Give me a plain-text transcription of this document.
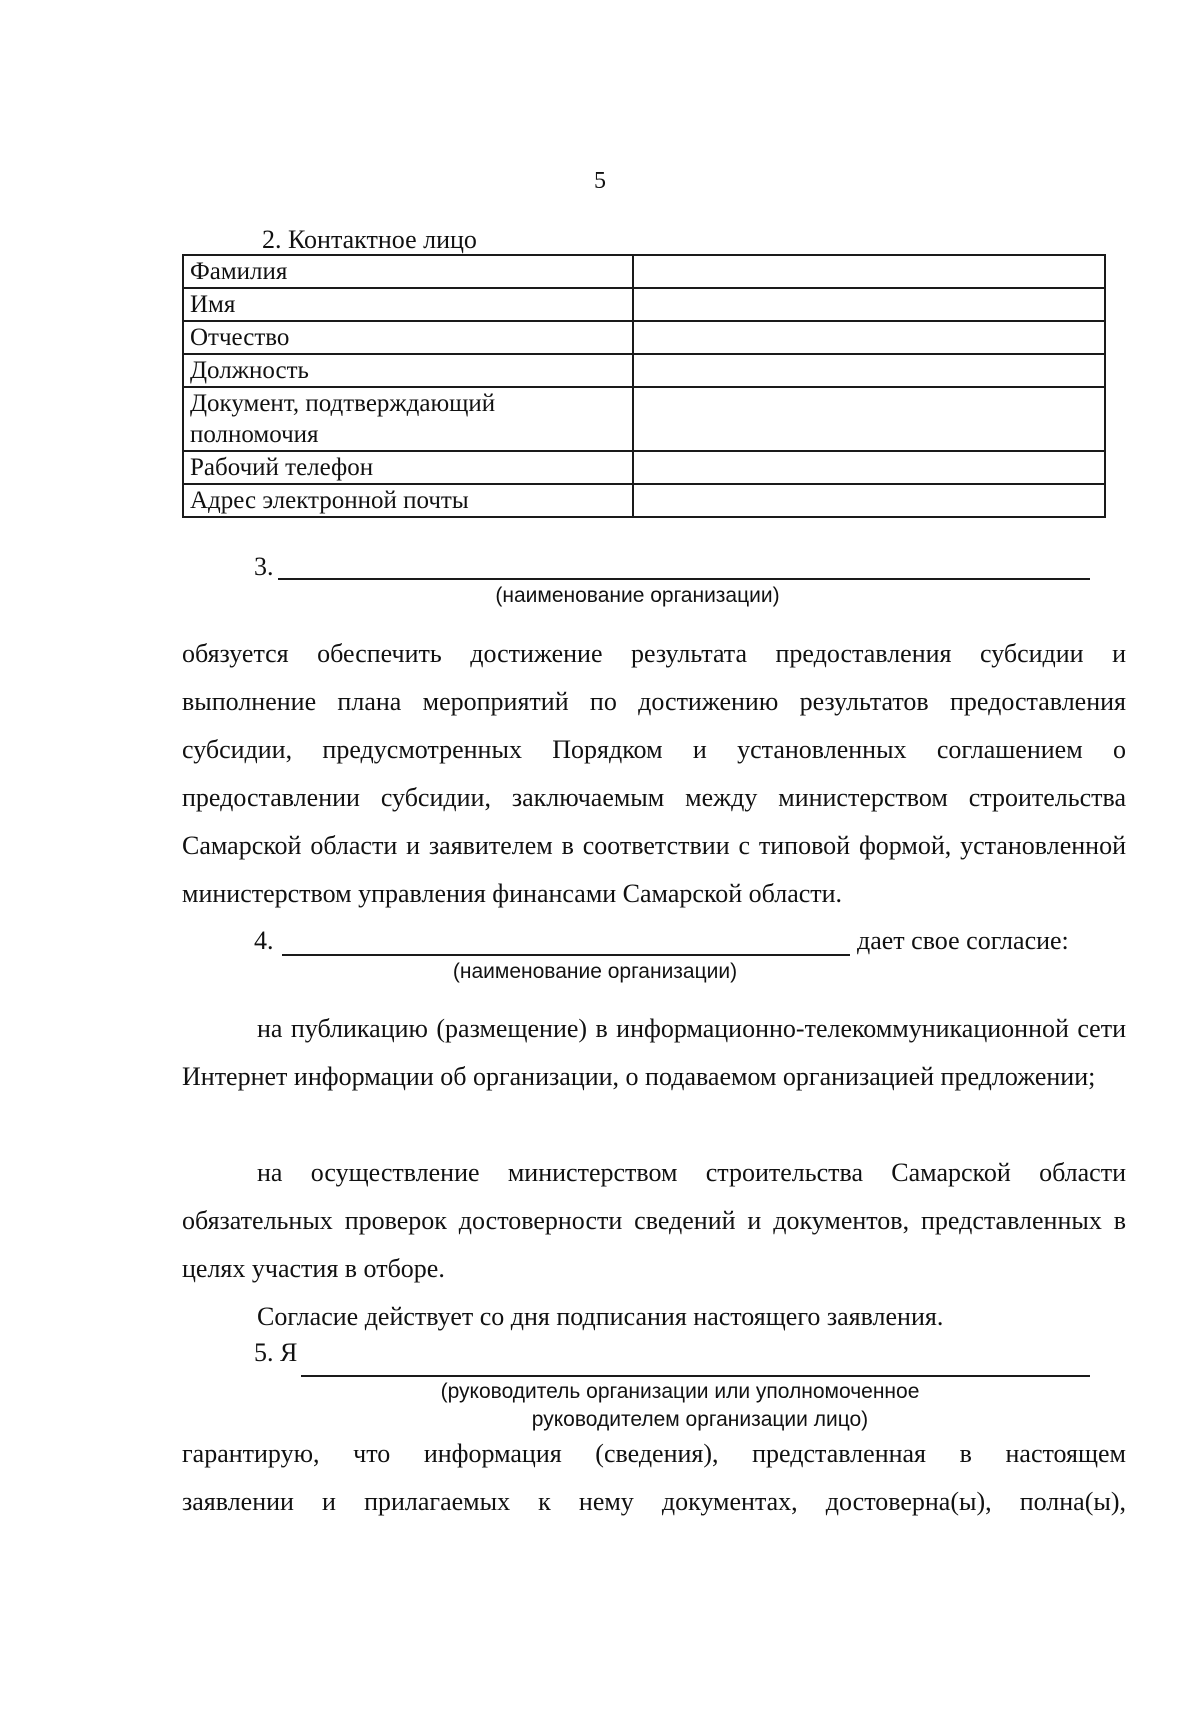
5
2. Контактное лицо
Фамилия	
Имя	
Отчество	
Должность	
Документ, подтверждающий полномочия	
Рабочий телефон	
Адрес электронной почты	
3.
(наименование организации)
обязуется обеспечить достижение результата предоставления субсидии и выполнение плана мероприятий по достижению результатов предоставления субсидии, предусмотренных Порядком и установленных соглашением о предоставлении субсидии, заключаемым между министерством строительства Самарской области и заявителем в соответствии с типовой формой, установленной министерством управления финансами Самарской области.
4.	дает свое согласие:
(наименование организации)
на публикацию (размещение) в информационно-телекоммуникационной сети Интернет информации об организации, о подаваемом организацией предложении;
на осуществление министерством строительства Самарской области обязательных проверок достоверности сведений и документов, представленных в целях участия в отборе.
Согласие действует со дня подписания настоящего заявления.
5. Я
(руководитель организации или уполномоченное
руководителем организации лицо)
гарантирую, что информация (сведения), представленная в настоящем
заявлении и прилагаемых к нему документах, достоверна(ы), полна(ы),
